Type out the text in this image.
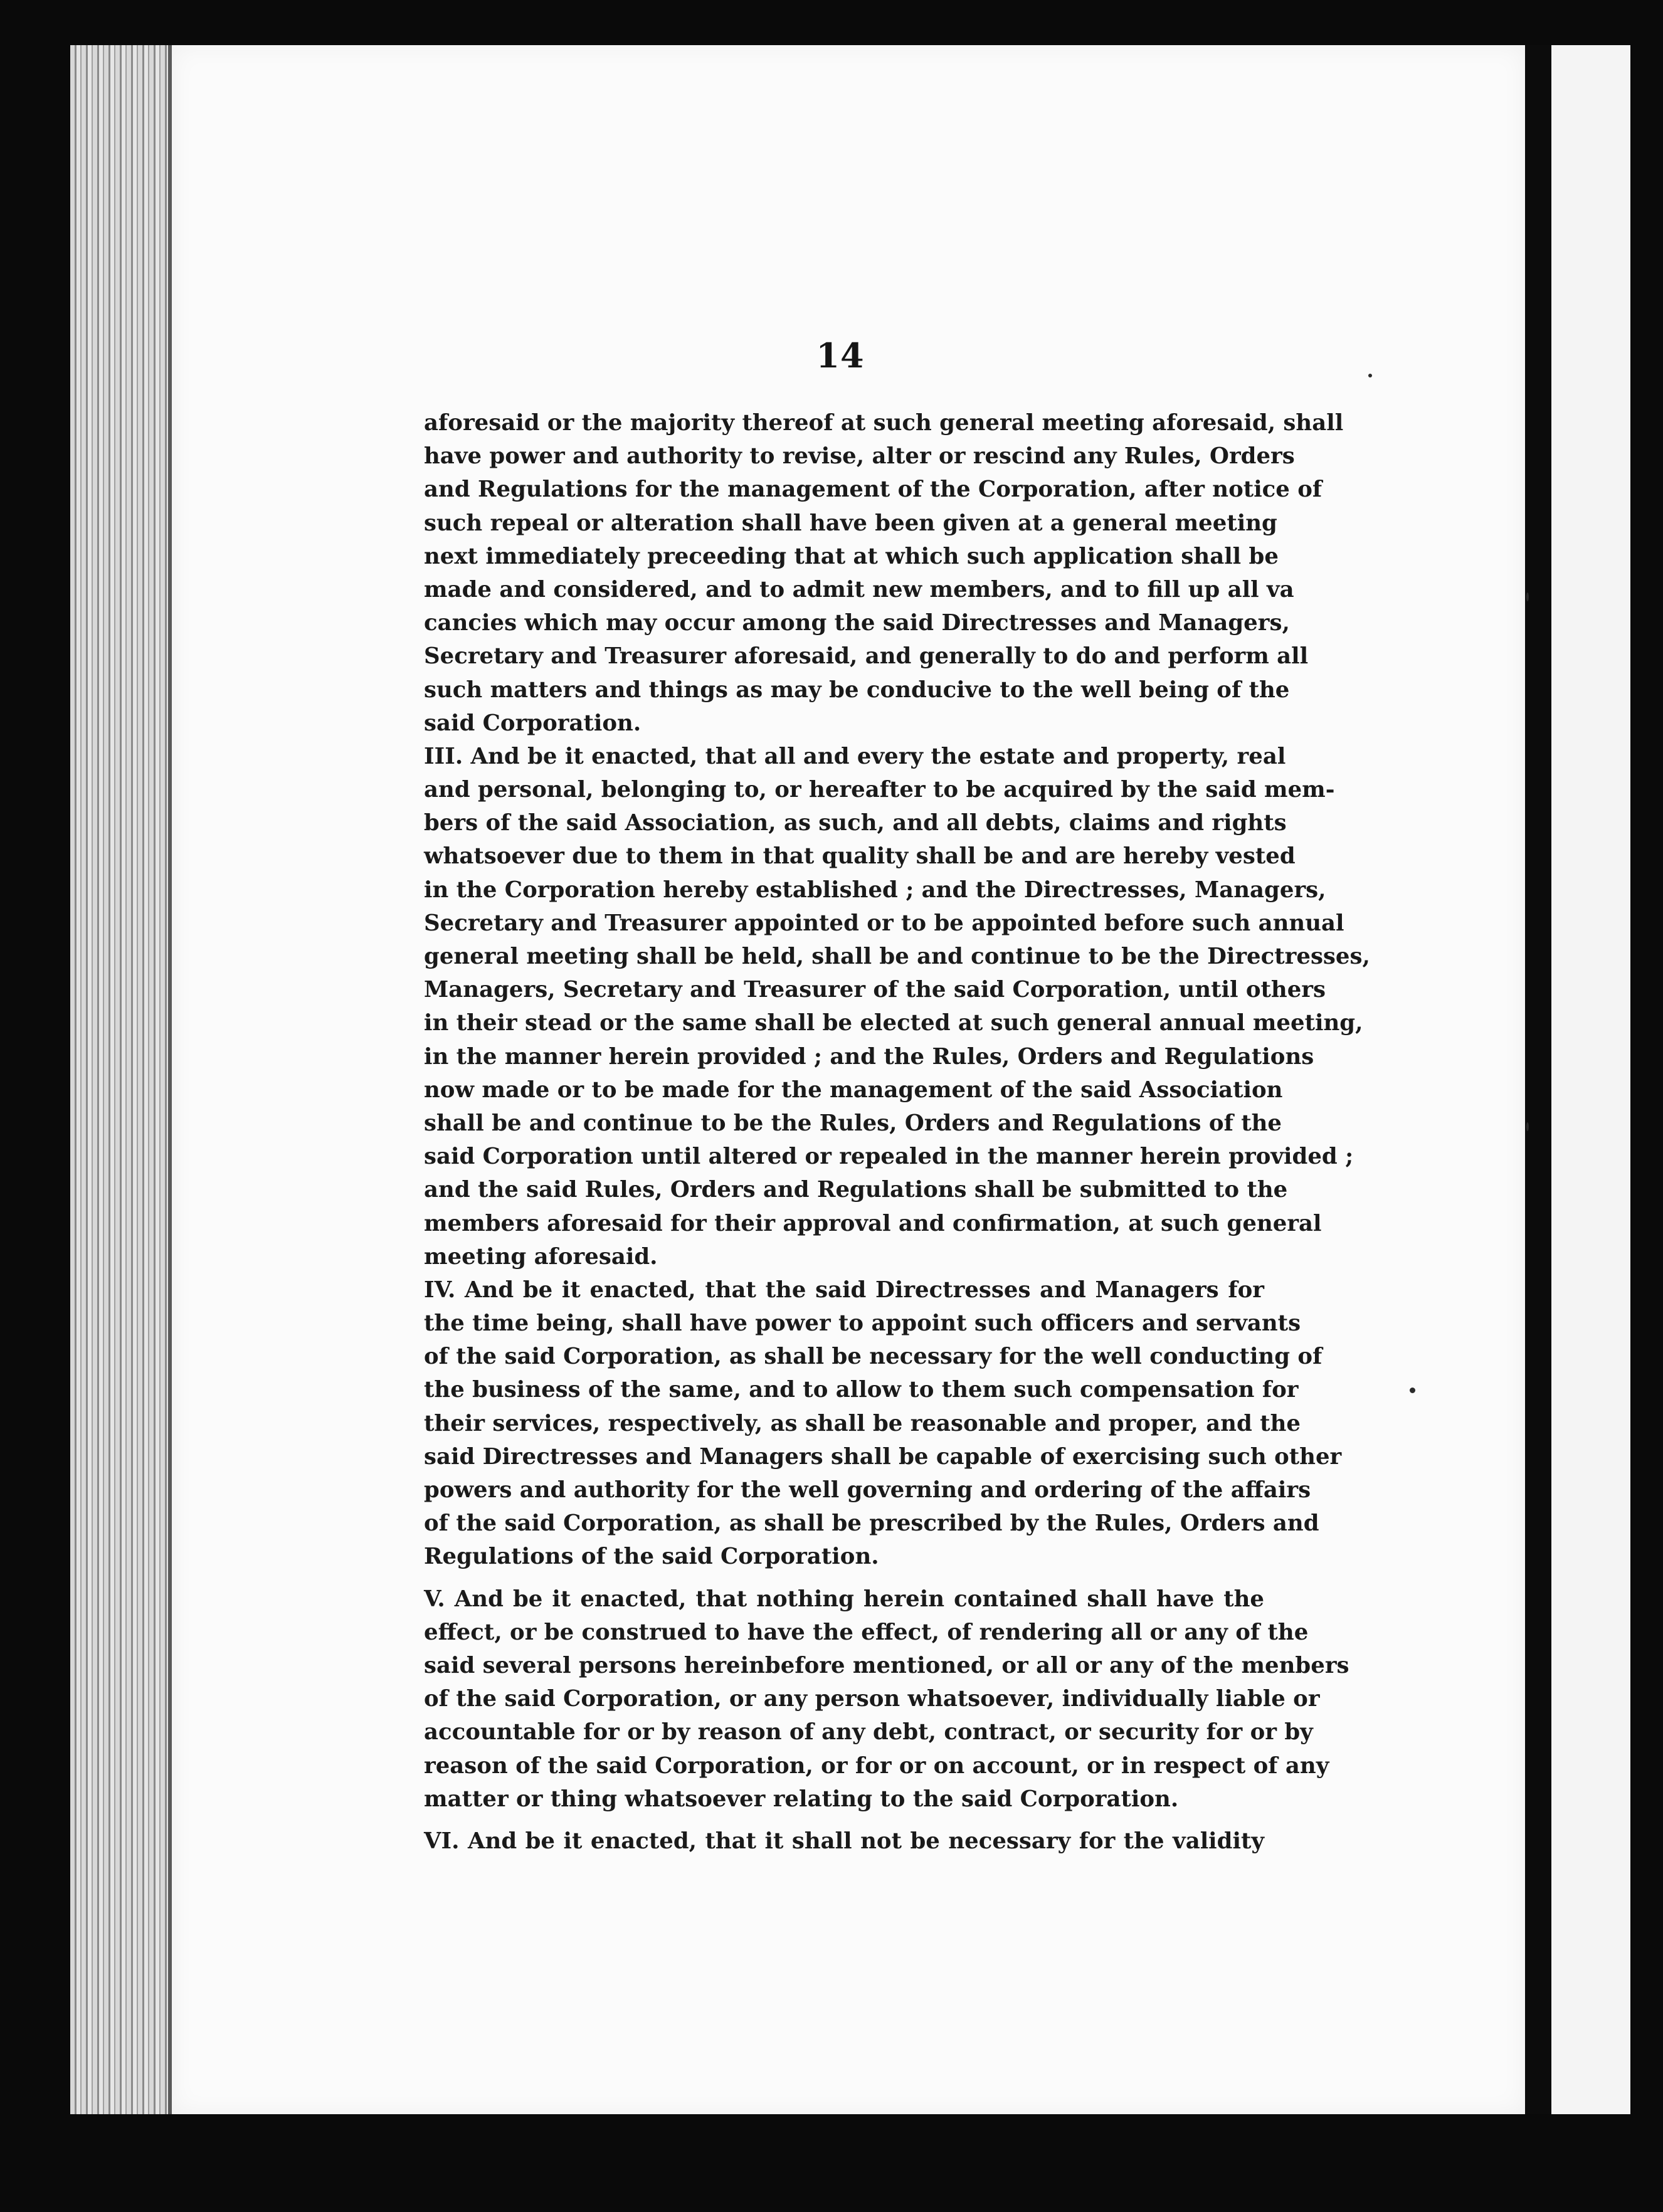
14
aforesaid or the majority thereof at such general meeting aforesaid, shall
have power and authority to revise, alter or rescind any Rules, Orders
and Regulations for the management of the Corporation, after notice of
such repeal or alteration shall have been given at a general meeting
next immediately preceeding that at which such application shall be
made and considered, and to admit new members, and to fill up all va
cancies which may occur among the said Directresses and Managers,
Secretary and Treasurer aforesaid, and generally to do and perform all
such matters and things as may be conducive to the well being of the
said Corporation.
III. And be it enacted, that all and every the estate and property, real
and personal, belonging to, or hereafter to be acquired by the said mem-
bers of the said Association, as such, and all debts, claims and rights
whatsoever due to them in that quality shall be and are hereby vested
in the Corporation hereby established ; and the Directresses, Managers,
Secretary and Treasurer appointed or to be appointed before such annual
general meeting shall be held, shall be and continue to be the Directresses,
Managers, Secretary and Treasurer of the said Corporation, until others
in their stead or the same shall be elected at such general annual meeting,
in the manner herein provided ; and the Rules, Orders and Regulations
now made or to be made for the management of the said Association
shall be and continue to be the Rules, Orders and Regulations of the
said Corporation until altered or repealed in the manner herein provided ;
and the said Rules, Orders and Regulations shall be submitted to the
members aforesaid for their approval and confirmation, at such general
meeting aforesaid.
IV. And be it enacted, that the said Directresses and Managers for
the time being, shall have power to appoint such officers and servants
of the said Corporation, as shall be necessary for the well conducting of
the business of the same, and to allow to them such compensation for
their services, respectively, as shall be reasonable and proper, and the
said Directresses and Managers shall be capable of exercising such other
powers and authority for the well governing and ordering of the affairs
of the said Corporation, as shall be prescribed by the Rules, Orders and
Regulations of the said Corporation.
V. And be it enacted, that nothing herein contained shall have the
effect, or be construed to have the effect, of rendering all or any of the
said several persons hereinbefore mentioned, or all or any of the menbers
of the said Corporation, or any person whatsoever, individually liable or
accountable for or by reason of any debt, contract, or security for or by
reason of the said Corporation, or for or on account, or in respect of any
matter or thing whatsoever relating to the said Corporation.
VI. And be it enacted, that it shall not be necessary for the validity
